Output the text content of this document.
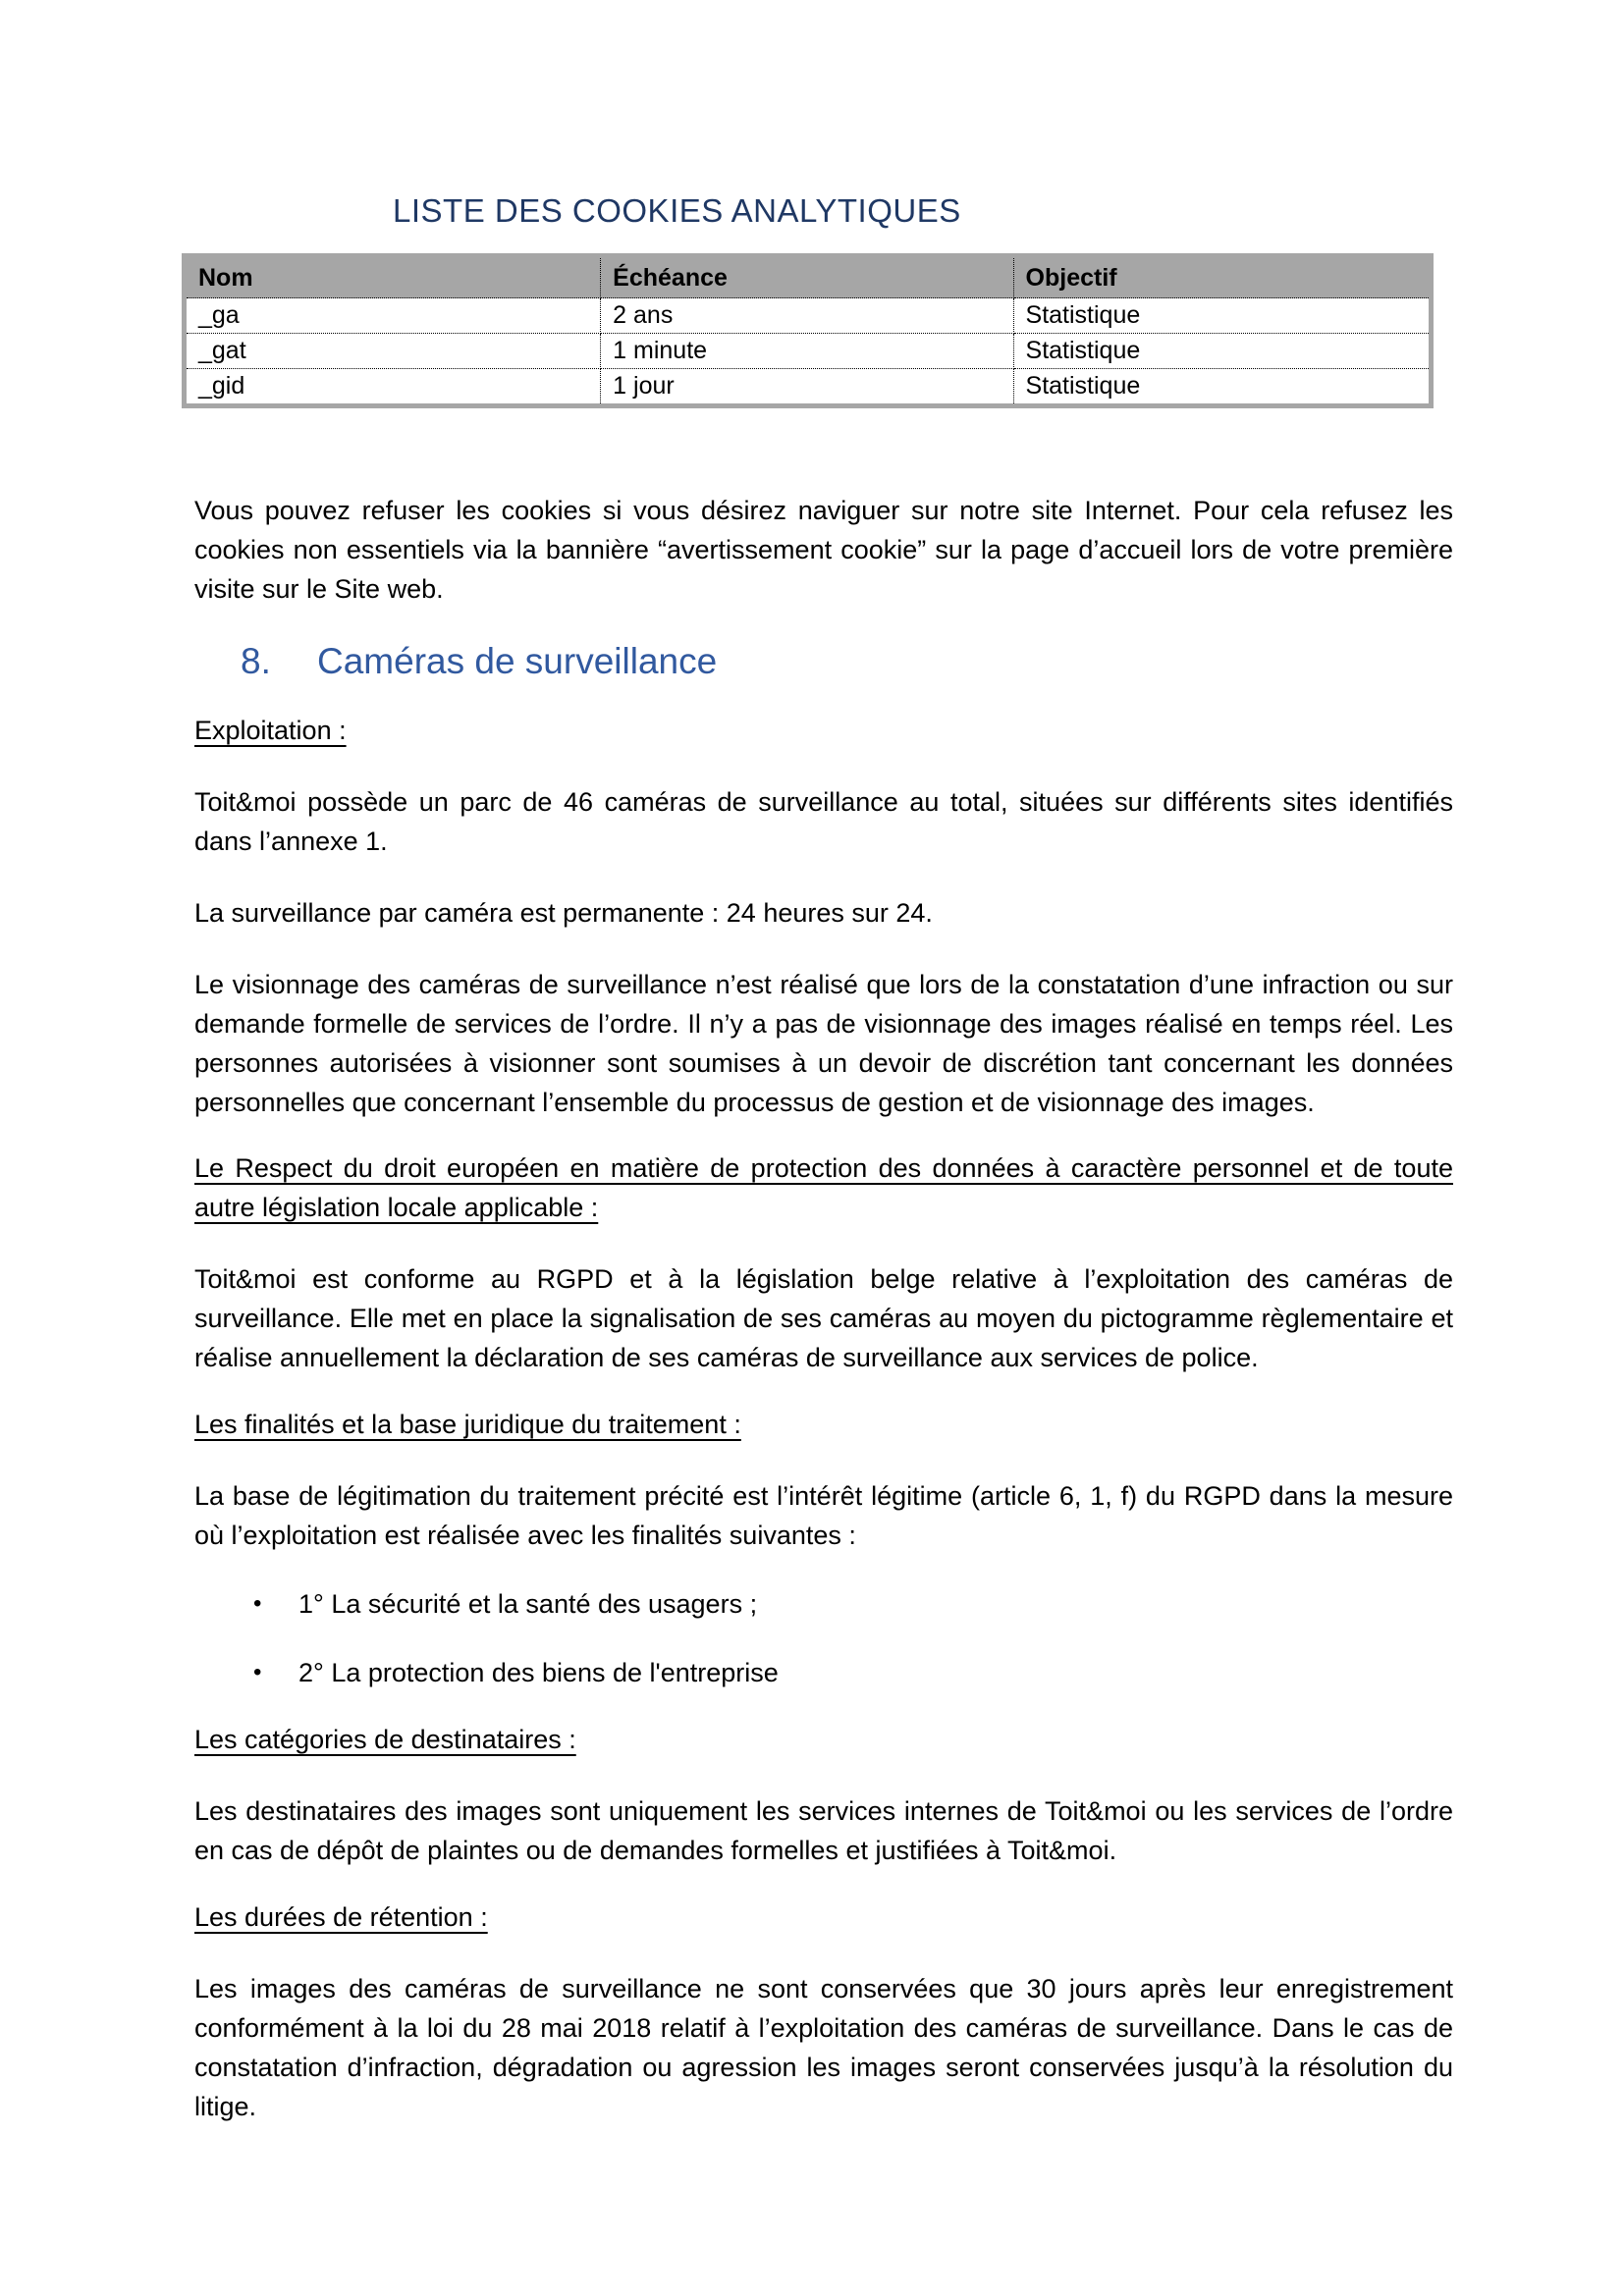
LISTE DES COOKIES ANALYTIQUES
Nom	Échéance	Objectif
_ga	2 ans	Statistique
_gat	1 minute	Statistique
_gid	1 jour	Statistique

Vous pouvez refuser les cookies si vous désirez naviguer sur notre site Internet. Pour cela refusez les cookies non essentiels via la bannière “avertissement cookie” sur la page d’accueil lors de votre première visite sur le Site web.

8. Caméras de surveillance

Exploitation :

Toit&moi possède un parc de 46 caméras de surveillance au total, situées sur différents sites identifiés dans l’annexe 1.

La surveillance par caméra est permanente : 24 heures sur 24.

Le visionnage des caméras de surveillance n’est réalisé que lors de la constatation d’une infraction ou sur demande formelle de services de l’ordre. Il n’y a pas de visionnage des images réalisé en temps réel. Les personnes autorisées à visionner sont soumises à un devoir de discrétion tant concernant les données personnelles que concernant l’ensemble du processus de gestion et de visionnage des images.

Le Respect du droit européen en matière de protection des données à caractère personnel et de toute autre législation locale applicable :

Toit&moi est conforme au RGPD et à la législation belge relative à l’exploitation des caméras de surveillance. Elle met en place la signalisation de ses caméras au moyen du pictogramme règlementaire et réalise annuellement la déclaration de ses caméras de surveillance aux services de police.

Les finalités et la base juridique du traitement :

La base de légitimation du traitement précité est l’intérêt légitime (article 6, 1, f) du RGPD dans la mesure où l’exploitation est réalisée avec les finalités suivantes :

•	1° La sécurité et la santé des usagers ;
•	2° La protection des biens de l'entreprise

Les catégories de destinataires :

Les destinataires des images sont uniquement les services internes de Toit&moi ou les services de l’ordre en cas de dépôt de plaintes ou de demandes formelles et justifiées à Toit&moi.

Les durées de rétention :

Les images des caméras de surveillance ne sont conservées que 30 jours après leur enregistrement conformément à la loi du 28 mai 2018 relatif à l’exploitation des caméras de surveillance. Dans le cas de constatation d’infraction, dégradation ou agression les images seront conservées jusqu’à la résolution du litige.
